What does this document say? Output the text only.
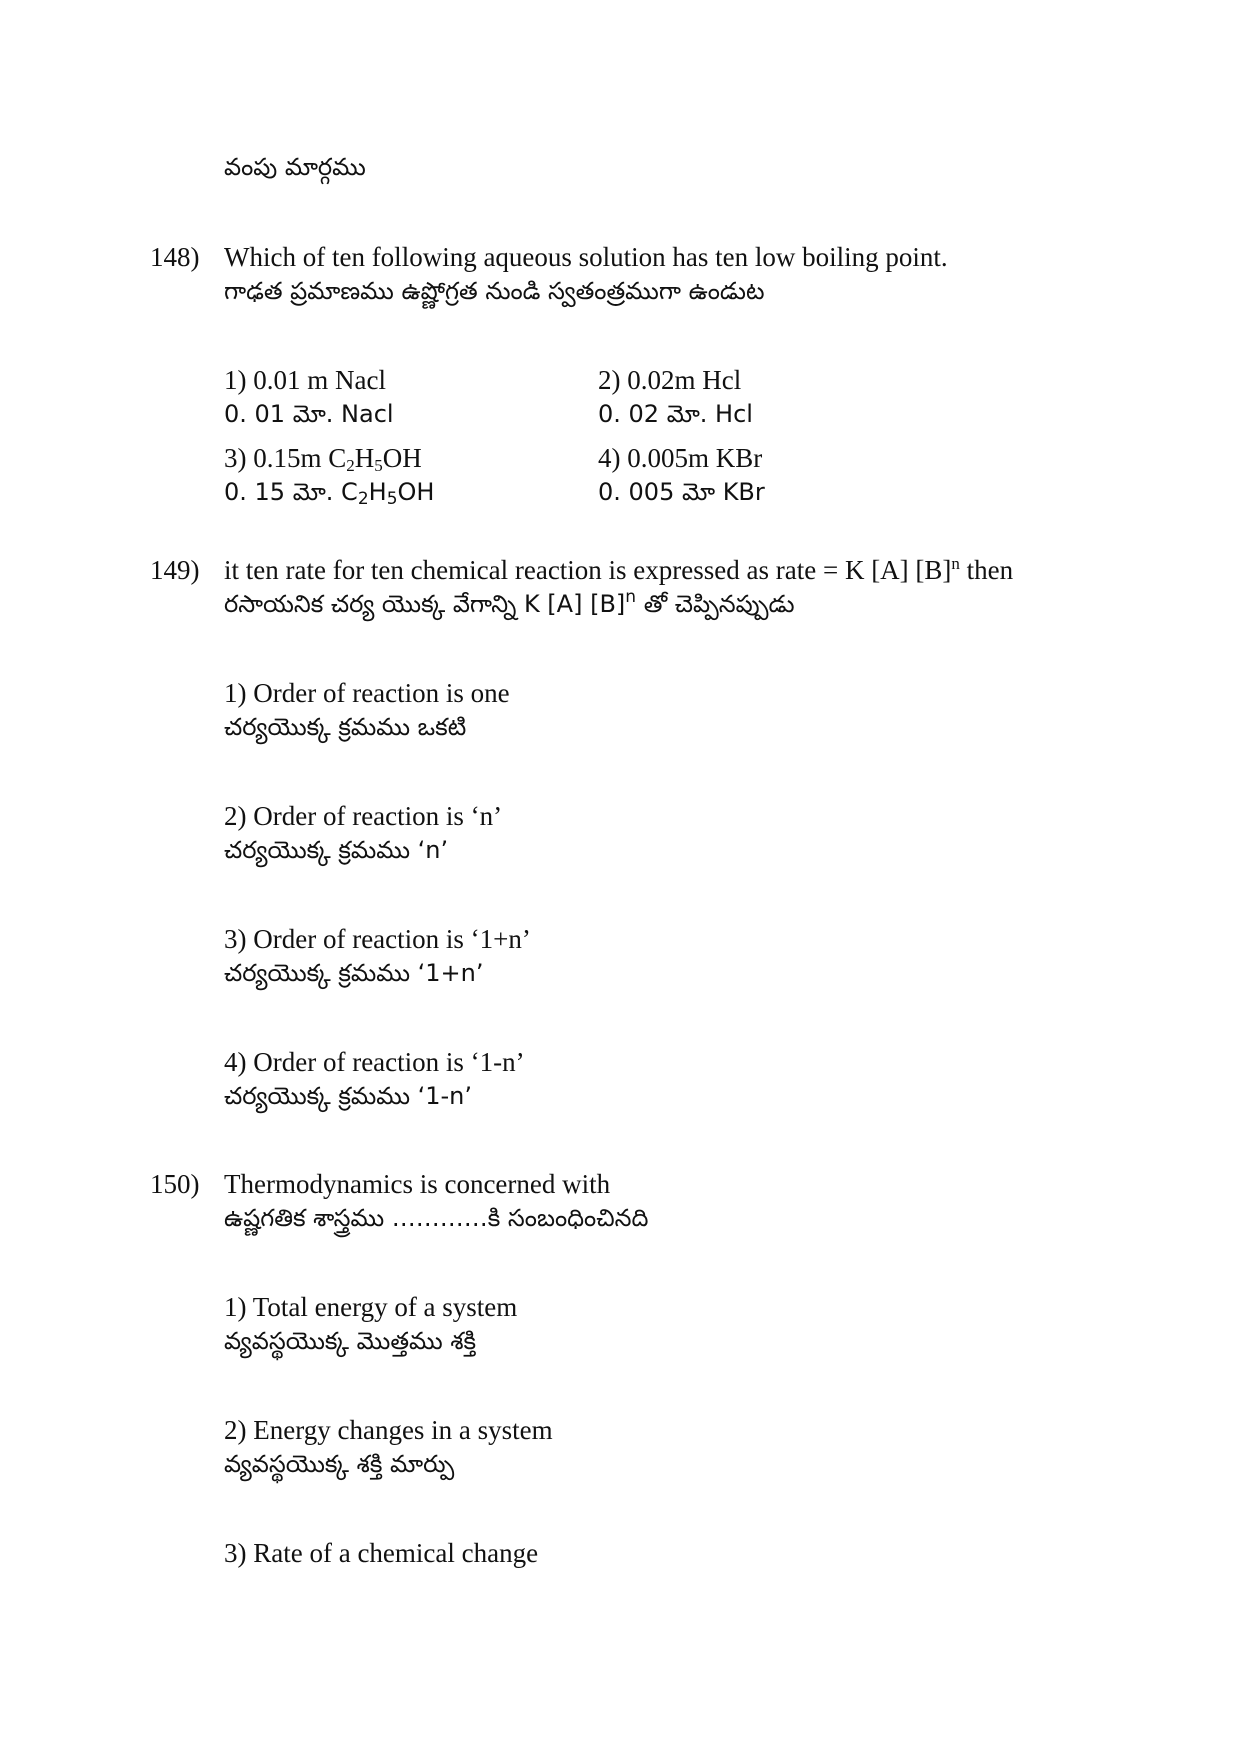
వంపు మార్గము
148) Which of ten following aqueous solution has ten low boiling point.
గాఢత ప్రమాణము ఉష్ణోగ్రత నుండి స్వతంత్రముగా ఉండుట
1) 0.01 m Nacl
0. 01 మో. Nacl
2) 0.02m Hcl
0. 02 మో. Hcl
3) 0.15m $C_2H_5OH$
0. 15 మో. $C_2H_5OH$
4) 0.005m KBr
0. 005 మో KBr
149) it ten rate for ten chemical reaction is expressed as rate = K [A] $[B]^n$ then
రసాయనిక చర్య యొక్క వేగాన్ని K [A] $[B]^n$ తో చెప్పినప్పుడు
1) Order of reaction is one
చర్యయొక్క క్రమము ఒకటి
2) Order of reaction is ‘n’
చర్యయొక్క క్రమము ‘n’
3) Order of reaction is ‘1+n’
చర్యయొక్క క్రమము ‘1+n’
4) Order of reaction is ‘1-n’
చర్యయొక్క క్రమము ‘1-n’
150) Thermodynamics is concerned with
ఉష్ణగతిక శాస్త్రము …………కి సంబంధించినది
1) Total energy of a system
వ్యవస్థయొక్క మొత్తము శక్తి
2) Energy changes in a system
వ్యవస్థయొక్క శక్తి మార్పు
3) Rate of a chemical change
